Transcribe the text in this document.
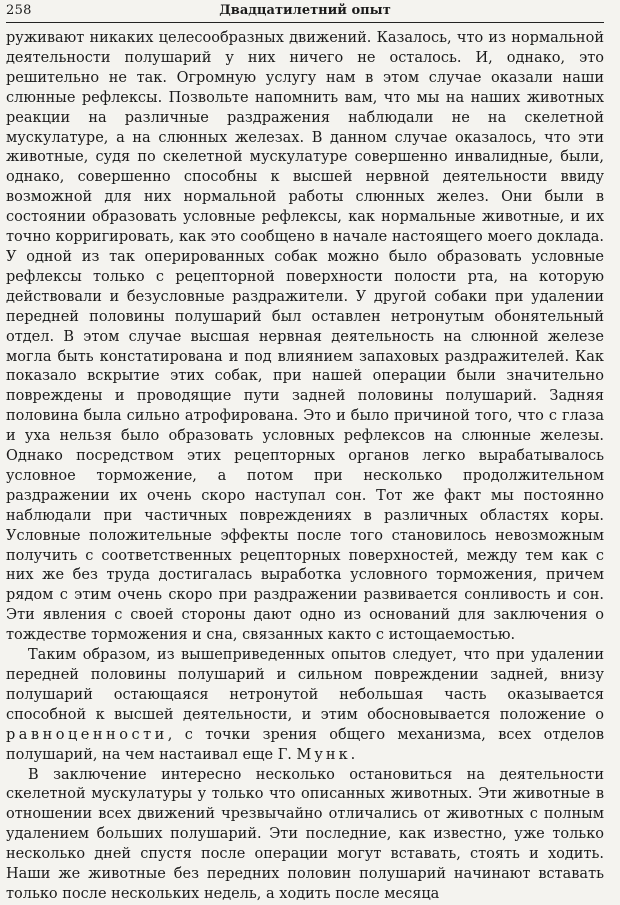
258	Двадцатилетний опыт

руживают никаких целесообразных движений. Казалось, что из нормальной деятельности полушарий у них ничего не осталось. И, однако, это решительно не так. Огромную услугу нам в этом случае оказали наши слюнные рефлексы. Позвольте напомнить вам, что мы на наших животных реакции на различные раздражения наблюдали не на скелетной мускулатуре, а на слюнных железах. В данном случае оказалось, что эти животные, судя по скелетной мускулатуре совершенно инвалидные, были, однако, совершенно способны к высшей нервной деятельности ввиду возможной для них нормальной работы слюнных желез. Они были в состоянии образовать условные рефлексы, как нормальные животные, и их точно корригировать, как это сообщено в начале настоящего моего доклада. У одной из так оперированных собак можно было образовать условные рефлексы только с рецепторной поверхности полости рта, на которую действовали и безусловные раздражители. У другой собаки при удалении передней половины полушарий был оставлен нетронутым обонятельный отдел. В этом случае высшая нервная деятельность на слюнной железе могла быть констатирована и под влиянием запаховых раздражителей. Как показало вскрытие этих собак, при нашей операции были значительно повреждены и проводящие пути задней половины полушарий. Задняя половина была сильно атрофирована. Это и было причиной того, что с глаза и уха нельзя было образовать условных рефлексов на слюнные железы. Однако посредством этих рецепторных органов легко вырабатывалось условное торможение, а потом при несколько продолжительном раздражении их очень скоро наступал сон. Тот же факт мы постоянно наблюдали при частичных повреждениях в различных областях коры. Условные положительные эффекты после того становилось невозможным получить с соответственных рецепторных поверхностей, между тем как с них же без труда достигалась выработка условного торможения, причем рядом с этим очень скоро при раздражении развивается сонливость и сон. Эти явления с своей стороны дают одно из оснований для заключения о тождестве торможения и сна, связанных както с истощаемостью.

Таким образом, из вышеприведенных опытов следует, что при удалении передней половины полушарий и сильном повреждении задней, внизу полушарий остающаяся нетронутой небольшая часть оказывается способной к высшей деятельности, и этим обосновывается положение о равноценности, с точки зрения общего механизма, всех отделов полушарий, на чем настаивал еще Г. Мунк.

В заключение интересно несколько остановиться на деятельности скелетной мускулатуры у только что описанных животных. Эти животные в отношении всех движений чрезвычайно отличались от животных с полным удалением больших полушарий. Эти последние, как известно, уже только несколько дней спустя после операции могут вставать, стоять и ходить. Наши же животные без передних половин полушарий начинают вставать только после нескольких недель, а ходить после месяца
